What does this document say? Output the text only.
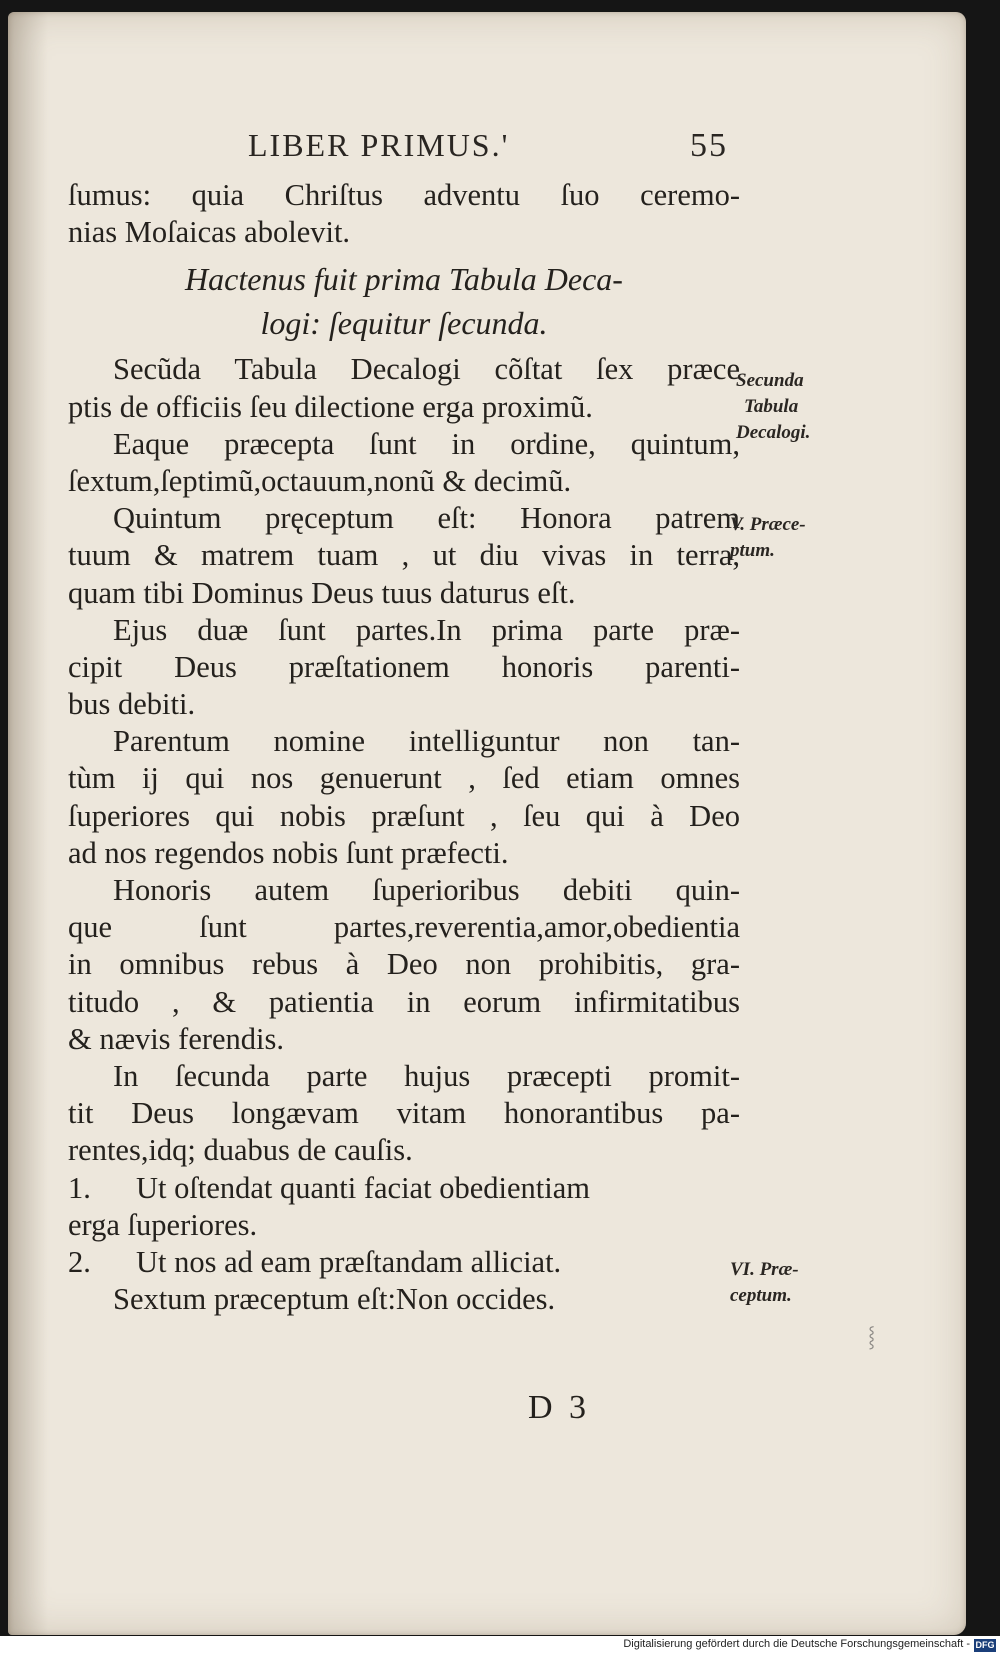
LIBER PRIMUS.'	55
ſumus: quia Chriſtus adventu ſuo ceremo-
nias Moſaicas abolevit.
Hactenus fuit prima Tabula Deca-
logi: ſequitur ſecunda.
Secũda Tabula Decalogi cõſtat ſex præce
ptis de officiis ſeu dilectione erga proximũ.
Eaque præcepta ſunt in ordine, quintum,
ſextum,ſeptimũ,octauum,nonũ & decimũ.
Quintum pręceptum eſt: Honora patrem
tuum & matrem tuam , ut diu vivas in terra,
quam tibi Dominus Deus tuus daturus eſt.
Ejus duæ ſunt partes.In prima parte præ-
cipit Deus præſtationem honoris parenti-
bus debiti.
Parentum nomine intelliguntur non tan-
tùm ij qui nos genuerunt , ſed etiam omnes
ſuperiores qui nobis præſunt , ſeu qui à Deo
ad nos regendos nobis ſunt præfecti.
Honoris autem ſuperioribus debiti quin-
que ſunt partes,reverentia,amor,obedientia
in omnibus rebus à Deo non prohibitis, gra-
titudo , & patientia in eorum infirmitatibus
& nævis ferendis.
In ſecunda parte hujus præcepti promit-
tit Deus longævam vitam honorantibus pa-
rentes,idq; duabus de cauſis.
1. Ut oſtendat quanti faciat obedientiam
erga ſuperiores.
2. Ut nos ad eam præſtandam alliciat.
Sextum præceptum eſt:Non occides.
Secunda
Tabula
Decalogi.
V. Præce-
ptum.
VI. Præ-
ceptum.
⸾
D 3
Digitalisierung gefördert durch die Deutsche Forschungsgemeinschaft - DFG
